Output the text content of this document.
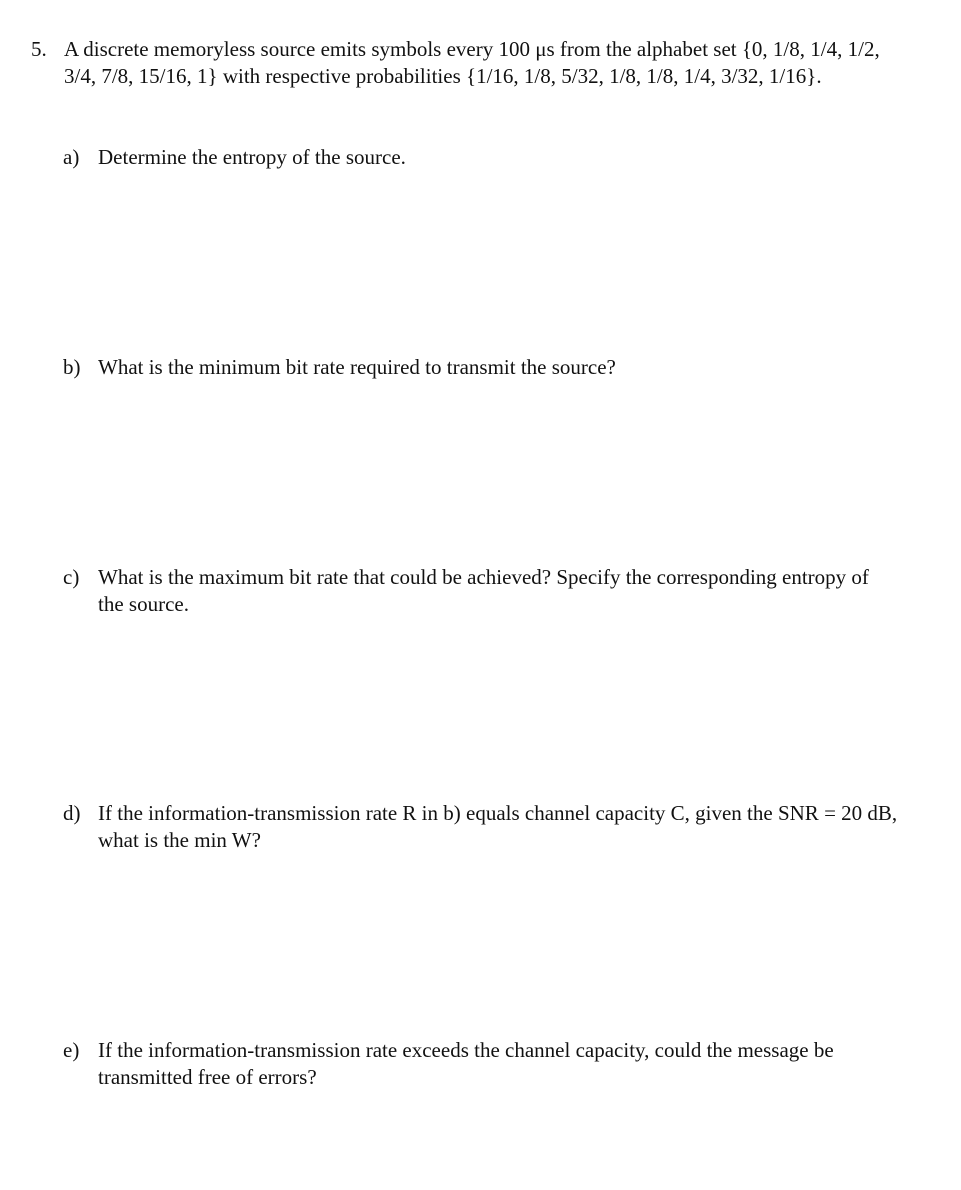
5. A discrete memoryless source emits symbols every 100 μs from the alphabet set {0, 1/8, 1/4, 1/2, 3/4, 7/8, 15/16, 1} with respective probabilities {1/16, 1/8, 5/32, 1/8, 1/8, 1/4, 3/32, 1/16}.
a) Determine the entropy of the source.
b) What is the minimum bit rate required to transmit the source?
c) What is the maximum bit rate that could be achieved? Specify the corresponding entropy of the source.
d) If the information-transmission rate R in b) equals channel capacity C, given the SNR = 20 dB, what is the min W?
e) If the information-transmission rate exceeds the channel capacity, could the message be transmitted free of errors?
